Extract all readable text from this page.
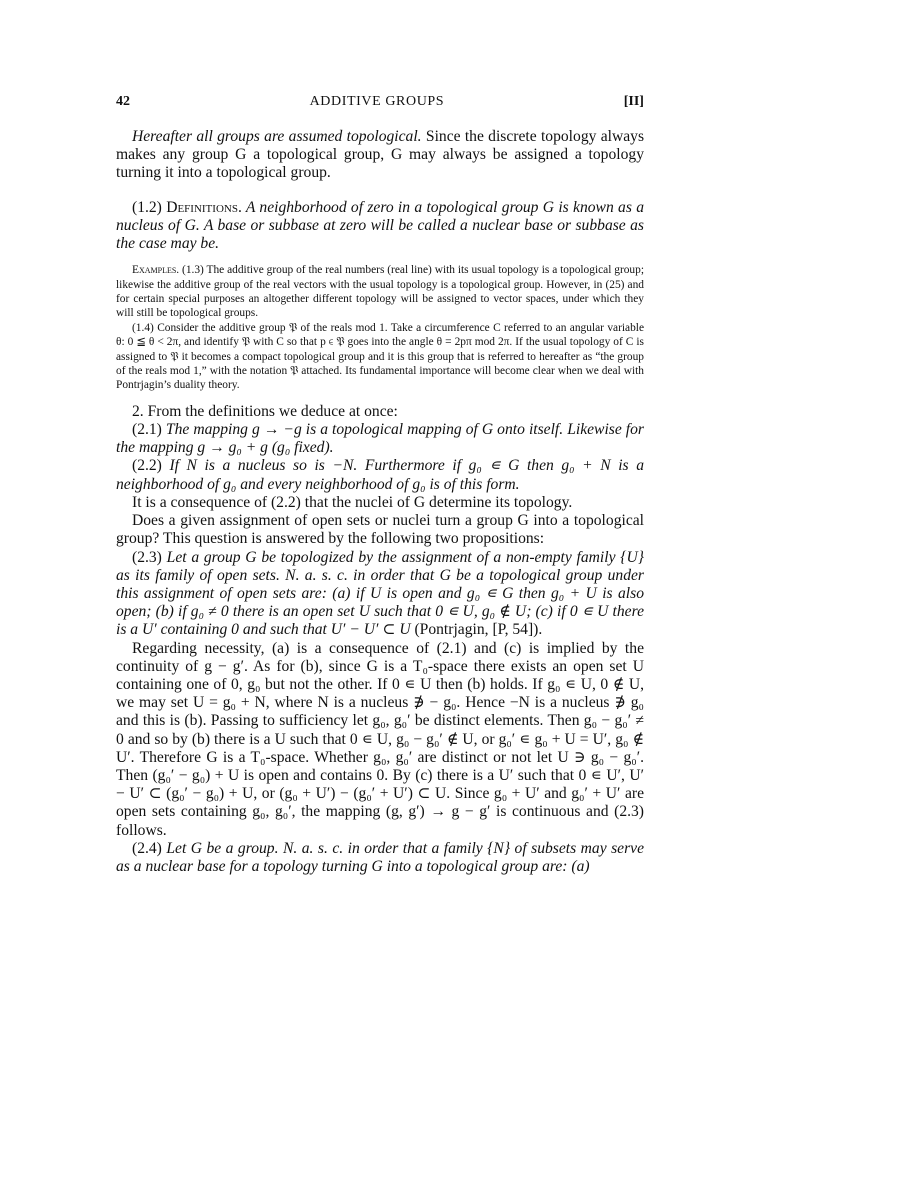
42	ADDITIVE GROUPS	[II]

Hereafter all groups are assumed topological. Since the discrete topology always makes any group G a topological group, G may always be assigned a topology turning it into a topological group.

(1.2) Definitions. A neighborhood of zero in a topological group G is known as a nucleus of G. A base or subbase at zero will be called a nuclear base or subbase as the case may be.

Examples. (1.3) The additive group of the real numbers (real line) with its usual topology is a topological group; likewise the additive group of the real vectors with the usual topology is a topological group. However, in (25) and for certain special purposes an altogether different topology will be assigned to vector spaces, under which they will still be topological groups.

(1.4) Consider the additive group 𝔓 of the reals mod 1. Take a circumference C referred to an angular variable θ: 0 ≦ θ < 2π, and identify 𝔓 with C so that p ∊ 𝔓 goes into the angle θ = 2pπ mod 2π. If the usual topology of C is assigned to 𝔓 it becomes a compact topological group and it is this group that is referred to hereafter as “the group of the reals mod 1,” with the notation 𝔓 attached. Its fundamental importance will become clear when we deal with Pontrjagin’s duality theory.

2. From the definitions we deduce at once:

(2.1) The mapping g → −g is a topological mapping of G onto itself. Likewise for the mapping g → g₀ + g (g₀ fixed).

(2.2) If N is a nucleus so is −N. Furthermore if g₀ ∊ G then g₀ + N is a neighborhood of g₀ and every neighborhood of g₀ is of this form.

It is a consequence of (2.2) that the nuclei of G determine its topology.

Does a given assignment of open sets or nuclei turn a group G into a topological group? This question is answered by the following two propositions:

(2.3) Let a group G be topologized by the assignment of a non-empty family {U} as its family of open sets. N. a. s. c. in order that G be a topological group under this assignment of open sets are: (a) if U is open and g₀ ∊ G then g₀ + U is also open; (b) if g₀ ≠ 0 there is an open set U such that 0 ∊ U, g₀ ∉ U; (c) if 0 ∊ U there is a U′ containing 0 and such that U′ − U′ ⊂ U (Pontrjagin, [P, 54]).

Regarding necessity, (a) is a consequence of (2.1) and (c) is implied by the continuity of g − g′. As for (b), since G is a T₀-space there exists an open set U containing one of 0, g₀ but not the other. If 0 ∊ U then (b) holds. If g₀ ∊ U, 0 ∉ U, we may set U = g₀ + N, where N is a nucleus ∌ − g₀. Hence −N is a nucleus ∌ g₀ and this is (b). Passing to sufficiency let g₀, g₀′ be distinct elements. Then g₀ − g₀′ ≠ 0 and so by (b) there is a U such that 0 ∊ U, g₀ − g₀′ ∉ U, or g₀′ ∊ g₀ + U = U′, g₀ ∉ U′. Therefore G is a T₀-space. Whether g₀, g₀′ are distinct or not let U ∋ g₀ − g₀′. Then (g₀′ − g₀) + U is open and contains 0. By (c) there is a U′ such that 0 ∊ U′, U′ − U′ ⊂ (g₀′ − g₀) + U, or (g₀ + U′) − (g₀′ + U′) ⊂ U. Since g₀ + U′ and g₀′ + U′ are open sets containing g₀, g₀′, the mapping (g, g′) → g − g′ is continuous and (2.3) follows.

(2.4) Let G be a group. N. a. s. c. in order that a family {N} of subsets may serve as a nuclear base for a topology turning G into a topological group are: (a)
